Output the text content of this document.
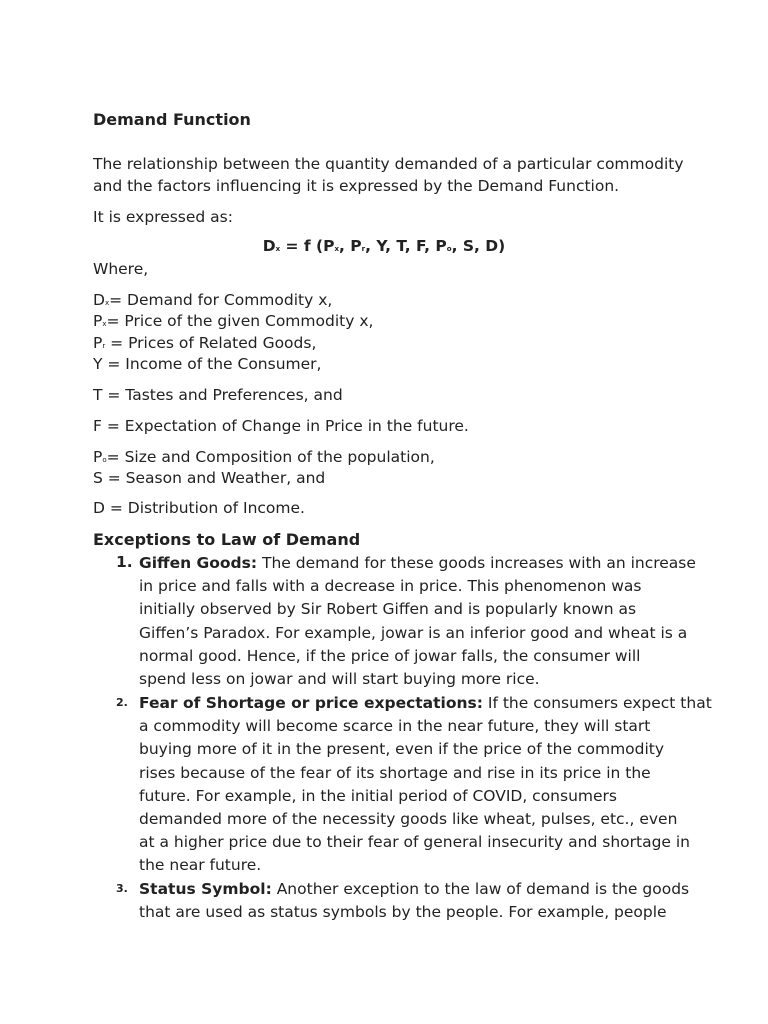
Demand Function

The relationship between the quantity demanded of a particular commodity

and the factors influencing it is expressed by the Demand Function.

It is expressed as:

Dx = f (Px, Pr, Y, T, F, Po, S, D)

Where,

Dx= Demand for Commodity x,

Px= Price of the given Commodity x,

Pr = Prices of Related Goods,

Y = Income of the Consumer,

T = Tastes and Preferences, and

F = Expectation of Change in Price in the future.

Po= Size and Composition of the population,

S = Season and Weather, and

D = Distribution of Income.

Exceptions to Law of Demand

1. Giffen Goods: The demand for these goods increases with an increase
in price and falls with a decrease in price. This phenomenon was
initially observed by Sir Robert Giffen and is popularly known as
Giffen’s Paradox. For example, jowar is an inferior good and wheat is a
normal good. Hence, if the price of jowar falls, the consumer will
spend less on jowar and will start buying more rice.
2. Fear of Shortage or price expectations: If the consumers expect that
a commodity will become scarce in the near future, they will start
buying more of it in the present, even if the price of the commodity
rises because of the fear of its shortage and rise in its price in the
future. For example, in the initial period of COVID, consumers
demanded more of the necessity goods like wheat, pulses, etc., even
at a higher price due to their fear of general insecurity and shortage in
the near future.
3. Status Symbol: Another exception to the law of demand is the goods
that are used as status symbols by the people. For example, people
